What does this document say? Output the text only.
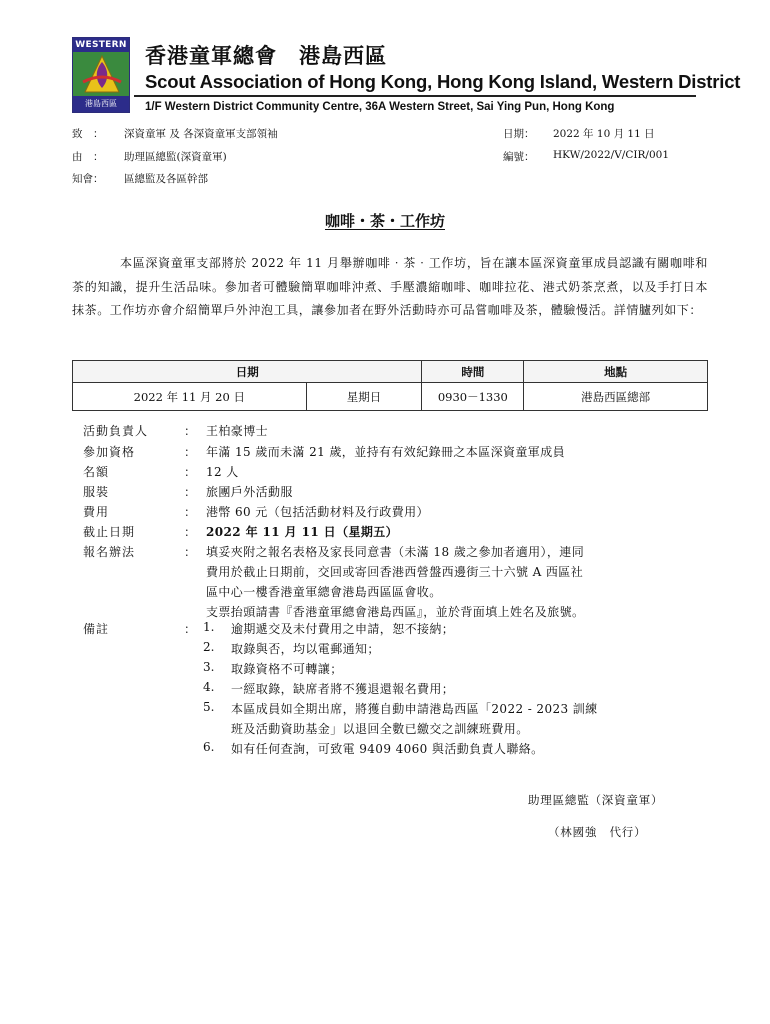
WESTERN
港島西區
香港童軍總會　港島西區
Scout Association of Hong Kong, Hong Kong Island, Western District
1/F Western District Community Centre, 36A Western Street, Sai Ying Pun, Hong Kong
致　： 深資童軍 及 各深資童軍支部領袖
由　： 助理區總監(深資童軍)
知會： 區總監及各區幹部
日期： 2022 年 10 月 11 日
編號： HKW/2022/V/CIR/001
咖啡・茶・工作坊
本區深資童軍支部將於 2022 年 11 月舉辦咖啡‧茶‧工作坊，旨在讓本區深資童軍成員認識有關咖啡和茶的知識，提升生活品味。參加者可體驗簡單咖啡沖煮、手壓濃縮咖啡、咖啡拉花、港式奶茶烹煮，以及手打日本抹茶。工作坊亦會介紹簡單戶外沖泡工具，讓參加者在野外活動時亦可品嘗咖啡及茶，體驗慢活。詳情臚列如下：
日期		時間	地點
2022 年 11 月 20 日	星期日	0930－1330	港島西區總部
活動負責人	： 王柏豪博士
參加資格	： 年滿 15 歲而未滿 21 歲，並持有有效紀錄冊之本區深資童軍成員
名額	： 12 人
服裝	： 旅團戶外活動服
費用	： 港幣 60 元（包括活動材料及行政費用）
截止日期	： 2022 年 11 月 11 日（星期五）
報名辦法	： 填妥夾附之報名表格及家長同意書（未滿 18 歲之參加者適用），連同
費用於截止日期前，交回或寄回香港西營盤西邊街三十六號 A 西區社
區中心一樓香港童軍總會港島西區區會收。
支票抬頭請書『香港童軍總會港島西區』，並於背面填上姓名及旅號。
備註	： 1. 逾期遞交及未付費用之申請，恕不接納；
2. 取錄與否，均以電郵通知；
3. 取錄資格不可轉讓；
4. 一經取錄，缺席者將不獲退還報名費用；
5. 本區成員如全期出席，將獲自動申請港島西區「2022 - 2023 訓練
班及活動資助基金」以退回全數已繳交之訓練班費用。
6. 如有任何查詢，可致電 9409 4060 與活動負責人聯絡。
助理區總監（深資童軍）
（林國強　代行）
